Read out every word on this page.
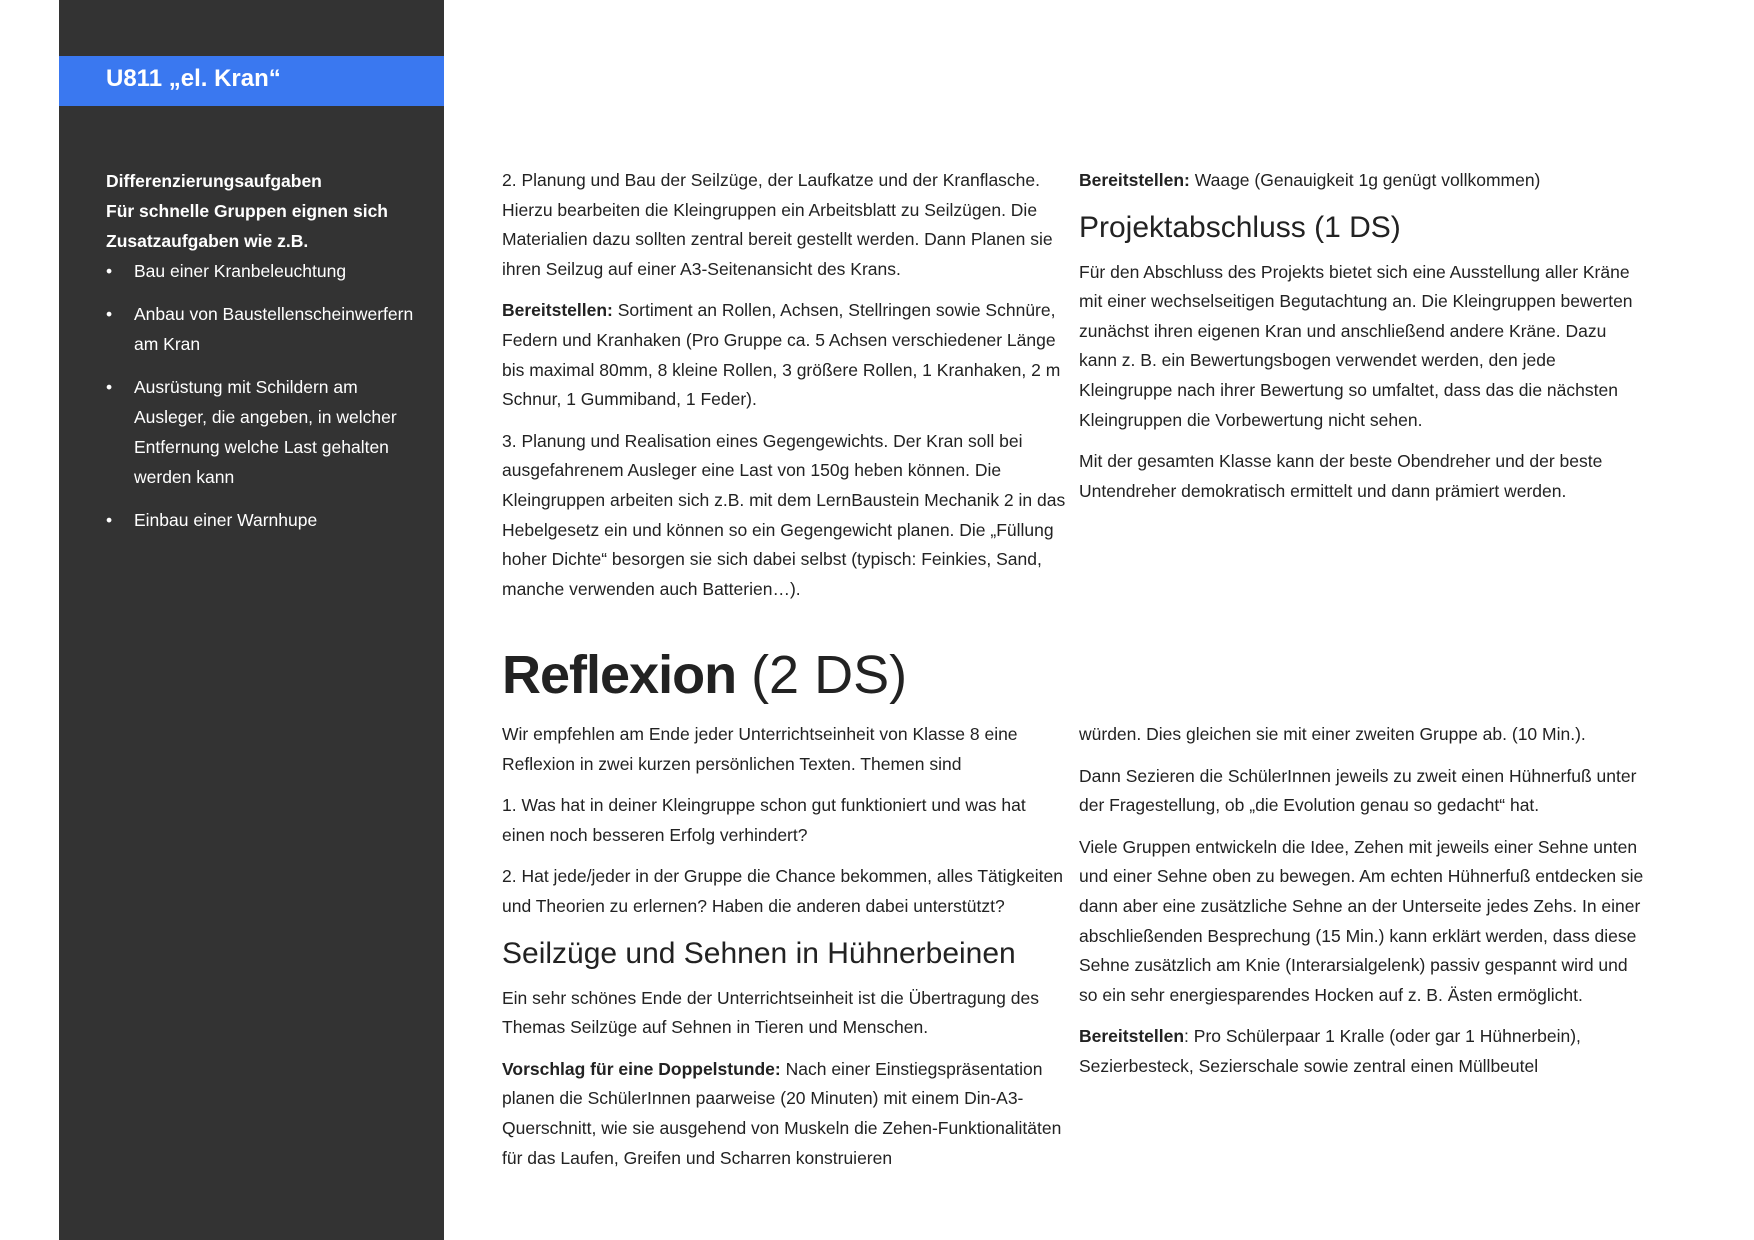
U811 „el. Kran“
Differenzierungsaufgaben
Für schnelle Gruppen eignen sich
Zusatzaufgaben wie z.B.
• Bau einer Kranbeleuchtung
• Anbau von Baustellenscheinwerfern am Kran
• Ausrüstung mit Schildern am Ausleger, die angeben, in welcher Entfernung welche Last gehalten werden kann
• Einbau einer Warnhupe

2. Planung und Bau der Seilzüge, der Laufkatze und der Kranflasche. Hierzu bearbeiten die Kleingruppen ein Arbeitsblatt zu Seilzügen. Die Materialien dazu sollten zentral bereit gestellt werden. Dann Planen sie ihren Seilzug auf einer A3-Seitenansicht des Krans.

Bereitstellen: Sortiment an Rollen, Achsen, Stellringen sowie Schnüre, Federn und Kranhaken (Pro Gruppe ca. 5 Achsen verschiedener Länge bis maximal 80mm, 8 kleine Rollen, 3 größere Rollen, 1 Kranhaken, 2 m Schnur, 1 Gummiband, 1 Feder).

3. Planung und Realisation eines Gegengewichts. Der Kran soll bei ausgefahrenem Ausleger eine Last von 150g heben können. Die Kleingruppen arbeiten sich z.B. mit dem LernBaustein Mechanik 2 in das Hebelgesetz ein und können so ein Gegengewicht planen. Die „Füllung hoher Dichte“ besorgen sie sich dabei selbst (typisch: Feinkies, Sand, manche verwenden auch Batterien…).

Bereitstellen: Waage (Genauigkeit 1g genügt vollkommen)

Projektabschluss (1 DS)

Für den Abschluss des Projekts bietet sich eine Ausstellung aller Kräne mit einer wechselseitigen Begutachtung an. Die Kleingruppen bewerten zunächst ihren eigenen Kran und anschließend andere Kräne. Dazu kann z. B. ein Bewertungsbogen verwendet werden, den jede Kleingruppe nach ihrer Bewertung so umfaltet, dass das die nächsten Kleingruppen die Vorbewertung nicht sehen.

Mit der gesamten Klasse kann der beste Obendreher und der beste Untendreher demokratisch ermittelt und dann prämiert werden.

Reflexion (2 DS)

Wir empfehlen am Ende jeder Unterrichtseinheit von Klasse 8 eine Reflexion in zwei kurzen persönlichen Texten. Themen sind

1. Was hat in deiner Kleingruppe schon gut funktioniert und was hat einen noch besseren Erfolg verhindert?

2. Hat jede/jeder in der Gruppe die Chance bekommen, alles Tätigkeiten und Theorien zu erlernen? Haben die anderen dabei unterstützt?

Seilzüge und Sehnen in Hühnerbeinen

Ein sehr schönes Ende der Unterrichtseinheit ist die Übertragung des Themas Seilzüge auf Sehnen in Tieren und Menschen.

Vorschlag für eine Doppelstunde: Nach einer Einstiegspräsentation planen die SchülerInnen paarweise (20 Minuten) mit einem Din-A3-Querschnitt, wie sie ausgehend von Muskeln die Zehen-Funktionalitäten für das Laufen, Greifen und Scharren konstruieren

würden. Dies gleichen sie mit einer zweiten Gruppe ab. (10 Min.).

Dann Sezieren die SchülerInnen jeweils zu zweit einen Hühnerfuß unter der Fragestellung, ob „die Evolution genau so gedacht“ hat.

Viele Gruppen entwickeln die Idee, Zehen mit jeweils einer Sehne unten und einer Sehne oben zu bewegen. Am echten Hühnerfuß entdecken sie dann aber eine zusätzliche Sehne an der Unterseite jedes Zehs. In einer abschließenden Besprechung (15 Min.) kann erklärt werden, dass diese Sehne zusätzlich am Knie (Interarsialgelenk) passiv gespannt wird und so ein sehr energiesparendes Hocken auf z. B. Ästen ermöglicht.

Bereitstellen: Pro Schülerpaar 1 Kralle (oder gar 1 Hühnerbein), Sezierbesteck, Sezierschale sowie zentral einen Müllbeutel
